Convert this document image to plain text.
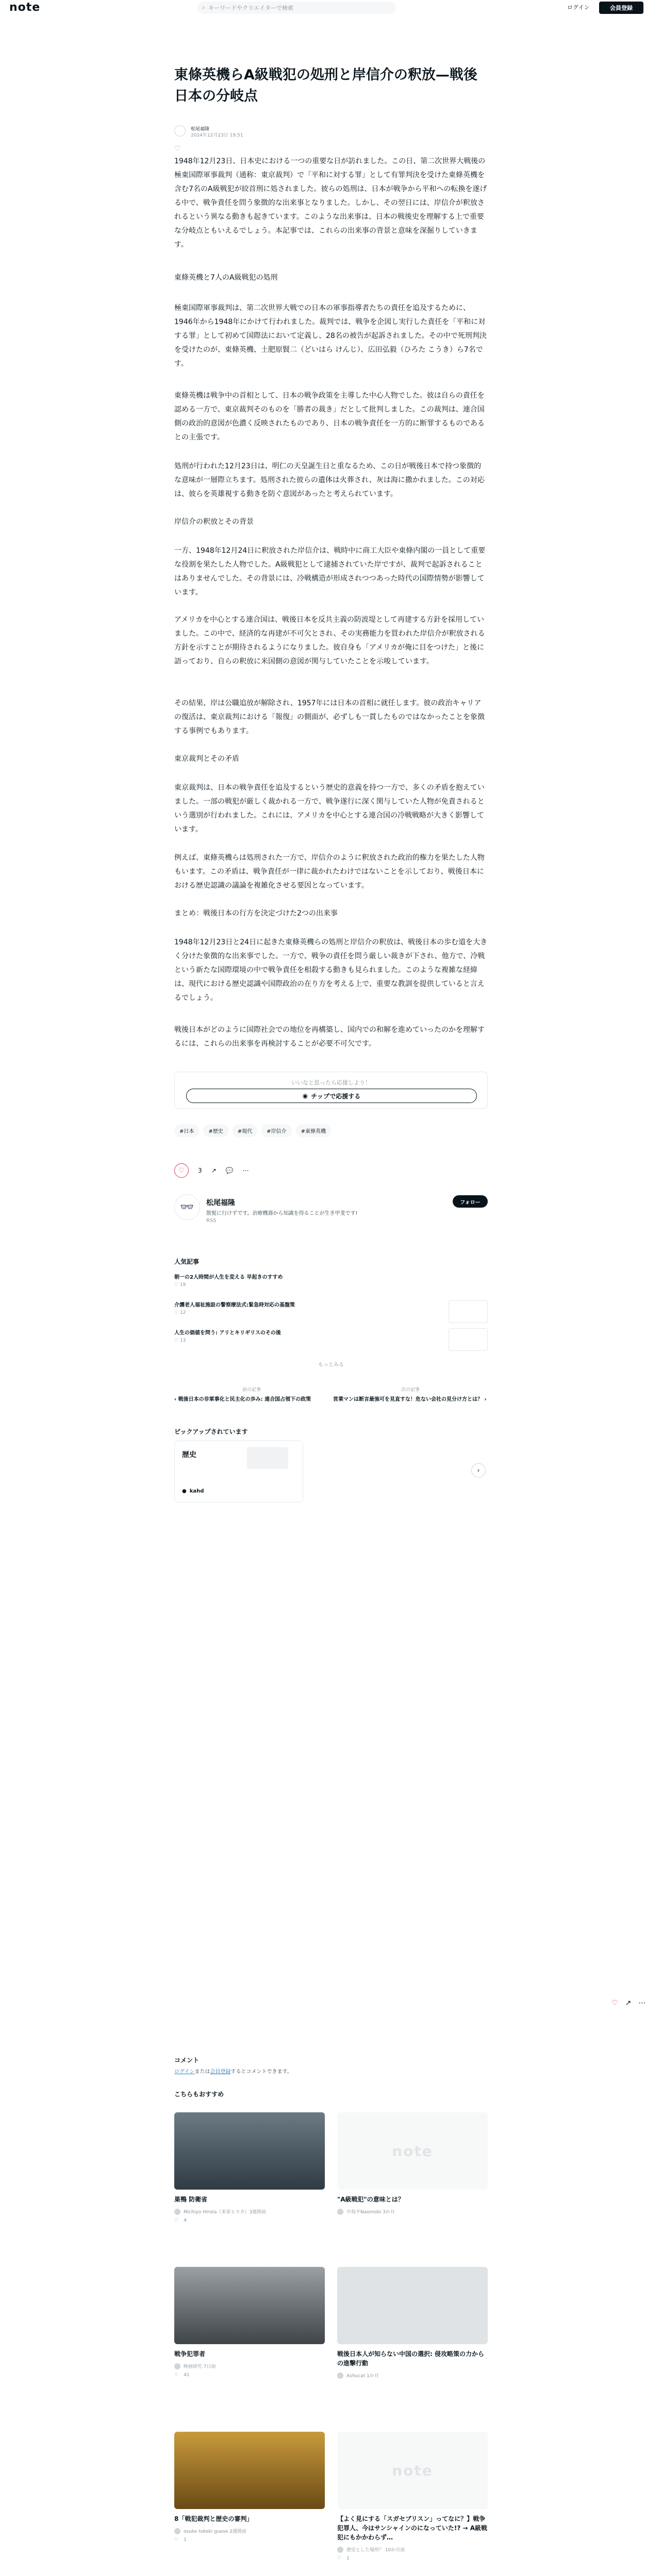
note	⌕ キーワードやクリエイターで検索	ログイン	会員登録
東條英機らA級戦犯の処刑と岸信介の釈放—戦後日本の分岐点
松尾福隆
2024年12月23日 19:51
♡

1948年12月23日、日本史における一つの重要な日が訪れました。この日、第二次世界大戦後の極東国際軍事裁判（通称：東京裁判）で「平和に対する罪」として有罪判決を受けた東條英機を含む7名のA級戦犯が絞首刑に処されました。彼らの処刑は、日本が戦争から平和への転換を遂げる中で、戦争責任を問う象徴的な出来事となりました。しかし、その翌日には、岸信介が釈放されるという異なる動きも起きています。このような出来事は、日本の戦後史を理解する上で重要な分岐点ともいえるでしょう。本記事では、これらの出来事の背景と意味を深掘りしていきます。

東條英機と7人のA級戦犯の処刑

極東国際軍事裁判は、第二次世界大戦での日本の軍事指導者たちの責任を追及するために、1946年から1948年にかけて行われました。裁判では、戦争を企図し実行した責任を「平和に対する罪」として初めて国際法において定義し、28名の被告が起訴されました。その中で死刑判決を受けたのが、東條英機、土肥原賢二（どいはら けんじ）、広田弘毅（ひろた こうき）ら7名です。

東條英機は戦争中の首相として、日本の戦争政策を主導した中心人物でした。彼は自らの責任を認める一方で、東京裁判そのものを「勝者の裁き」だとして批判しました。この裁判は、連合国側の政治的意図が色濃く反映されたものであり、日本の戦争責任を一方的に断罪するものであるとの主張です。

処刑が行われた12月23日は、明仁の天皇誕生日と重なるため、この日が戦後日本で持つ象徴的な意味が一層際立ちます。処刑された彼らの遺体は火葬され、灰は海に撒かれました。この対応は、彼らを英雄視する動きを防ぐ意図があったと考えられています。

岸信介の釈放とその背景

一方、1948年12月24日に釈放された岸信介は、戦時中に商工大臣や東條内閣の一員として重要な役割を果たした人物でした。A級戦犯として逮捕されていた岸ですが、裁判で起訴されることはありませんでした。その背景には、冷戦構造が形成されつつあった時代の国際情勢が影響しています。

アメリカを中心とする連合国は、戦後日本を反共主義の防波堤として再建する方針を採用していました。この中で、経済的な再建が不可欠とされ、その実務能力を買われた岸信介が釈放される方針を示すことが期待されるようになりました。彼自身も「アメリカが俺に目をつけた」と後に語っており、自らの釈放に米国側の意図が関与していたことを示唆しています。

その結果、岸は公職追放が解除され、1957年には日本の首相に就任します。彼の政治キャリアの復活は、東京裁判における「報復」の側面が、必ずしも一貫したものではなかったことを象徴する事例でもあります。

東京裁判とその矛盾

東京裁判は、日本の戦争責任を追及するという歴史的意義を持つ一方で、多くの矛盾を抱えていました。一部の戦犯が厳しく裁かれる一方で、戦争遂行に深く関与していた人物が免責されるという選別が行われました。これには、アメリカを中心とする連合国の冷戦戦略が大きく影響しています。

例えば、東條英機らは処刑された一方で、岸信介のように釈放された政治的権力を果たした人物もいます。この矛盾は、戦争責任が一律に裁かれたわけではないことを示しており、戦後日本における歴史認識の議論を複雑化させる要因となっています。

まとめ：戦後日本の行方を決定づけた2つの出来事

1948年12月23日と24日に起きた東條英機らの処刑と岸信介の釈放は、戦後日本の歩む道を大きく分けた象徴的な出来事でした。一方で、戦争の責任を問う厳しい裁きが下され、他方で、冷戦という新たな国際環境の中で戦争責任を相殺する動きも見られました。このような複雑な経緯は、現代における歴史認識や国際政治の在り方を考える上で、重要な教訓を提供していると言えるでしょう。

戦後日本がどのように国際社会での地位を再構築し、国内での和解を進めていったのかを理解するには、これらの出来事を再検討することが必要不可欠です。

いいなと思ったら応援しよう！
◉ チップで応援する
#日本	#歴史	#現代	#岸信介	#東條英機
♡	3 ↗ 💬 ⋯
👓	松尾福隆
散髪に行けずです。治療機器から知識を得ることが生き甲斐です!
RSS
フォロー
人気記事
朝一の2人時間が人生を変える 早起きのすすめ
♡ 19
介護老人福祉施設の警察療法式:緊急時対応の基盤策
♡ 12
人生の価値を問う: アリとキリギリスのその後
♡ 13
もっとみる
前の記事
‹ 戦後日本の非軍事化と民主化の歩み: 連合国占領下の政策
次の記事
営業マンは断言最強可を見直すな！危ない会社の見分け方とは？ ›
ピックアップされています
歴史
● kahd
›
コメント
ログインまたは会員登録するとコメントできます。
こちらもおすすめ
巣鴨 防衛省
Michiyo Hirota（来室ヒスカ）3週間前
♡ 4
note
"A級戦犯"の意味とは？
中島不Naomobi 3か月
戦争犯罪者
映画研究 7日前
♡ 41
戦後日本人が知らない中国の選択: 侵攻略策の力からの進撃行動
Ashucat 1か月
8「戦犯裁判と歴史の審判」
osuke tokeki guese 2週間前
♡ 1
note
【よく見にする「スガセブリスン」ってなに？】戦争犯罪人、今はサンシャインのになっていた!? → A級戦犯にもかかわらず…
歴史とした場所？ 10か月前
♡ 1
♡ ↗ ⋯
